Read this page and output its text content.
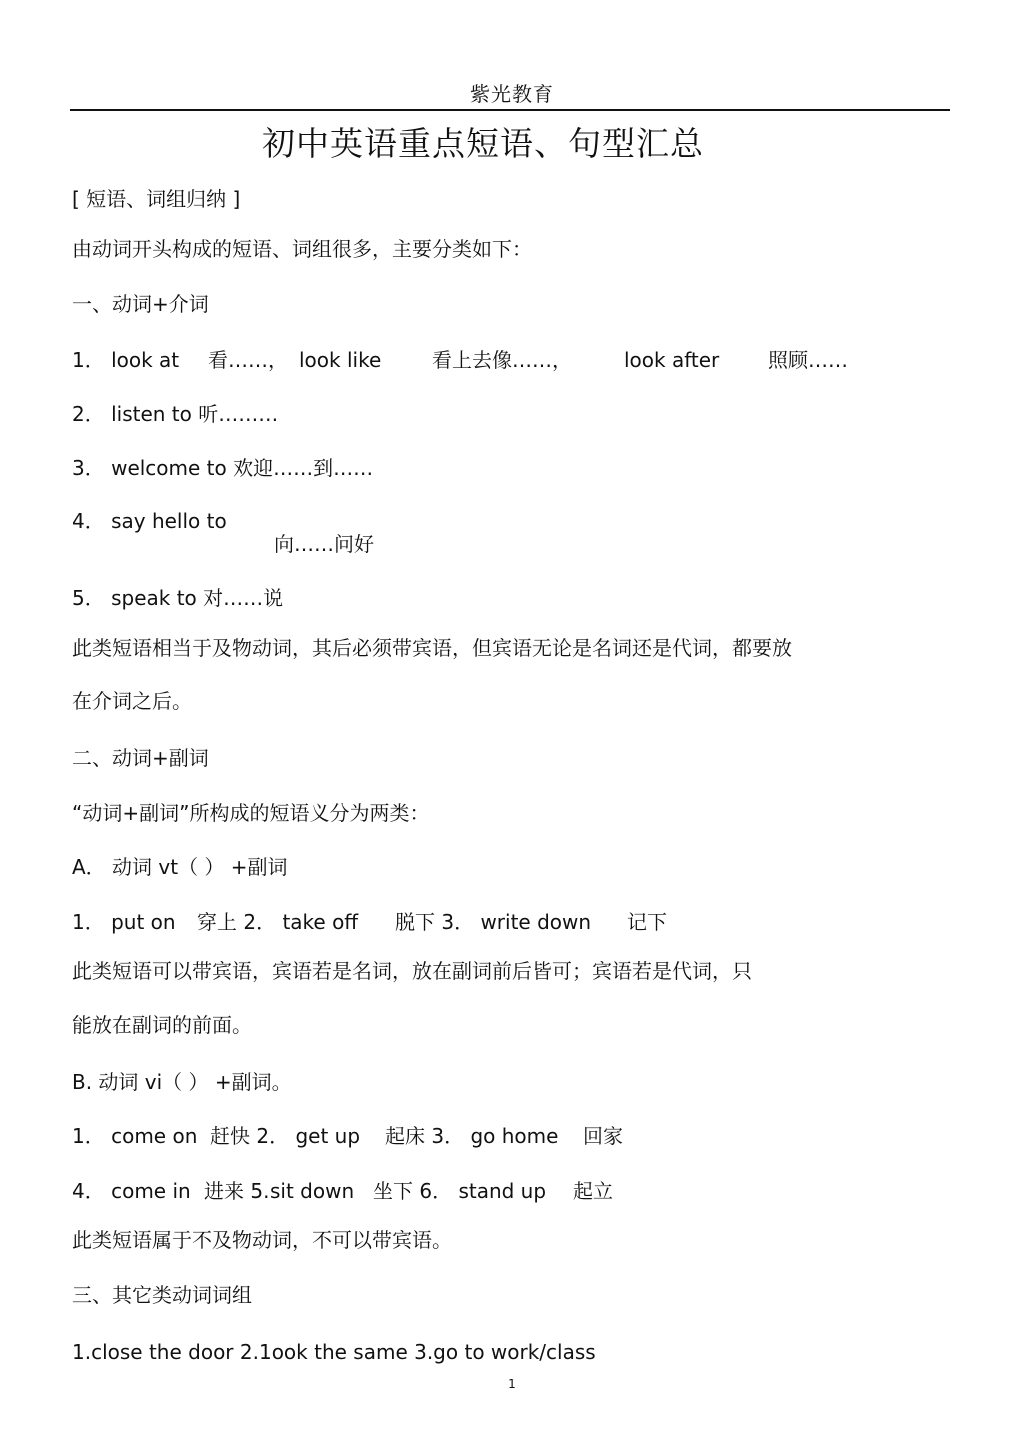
紫光教育
初中英语重点短语、句型汇总
[ 短语、词组归纳 ]
由动词开头构成的短语、词组很多，主要分类如下：
一、动词+介词
1． look at 看……， look like	看上去像……，	look after 照顾……
2． listen to 听………
3． welcome to 欢迎……到……
4． say hello to
向……问好
5． speak to 对……说
此类短语相当于及物动词，其后必须带宾语，但宾语无论是名词还是代词，都要放
在介词之后。
二、动词+副词
“动词+副词”所构成的短语义分为两类：
A． 动词 vt（ ） +副词
1． put on 穿上 2． take off 脱下 3． write down 记下
此类短语可以带宾语，宾语若是名词，放在副词前后皆可；宾语若是代词，只
能放在副词的前面。
B. 动词 vi（ ） +副词。
1． come on 赶快 2． get up 起床 3． go home 回家
4． come in 进来 5. sit down 坐下 6． stand up 起立
此类短语属于不及物动词，不可以带宾语。
三、其它类动词词组
1.close the door 2.1ook the same 3.go to work/class
1
